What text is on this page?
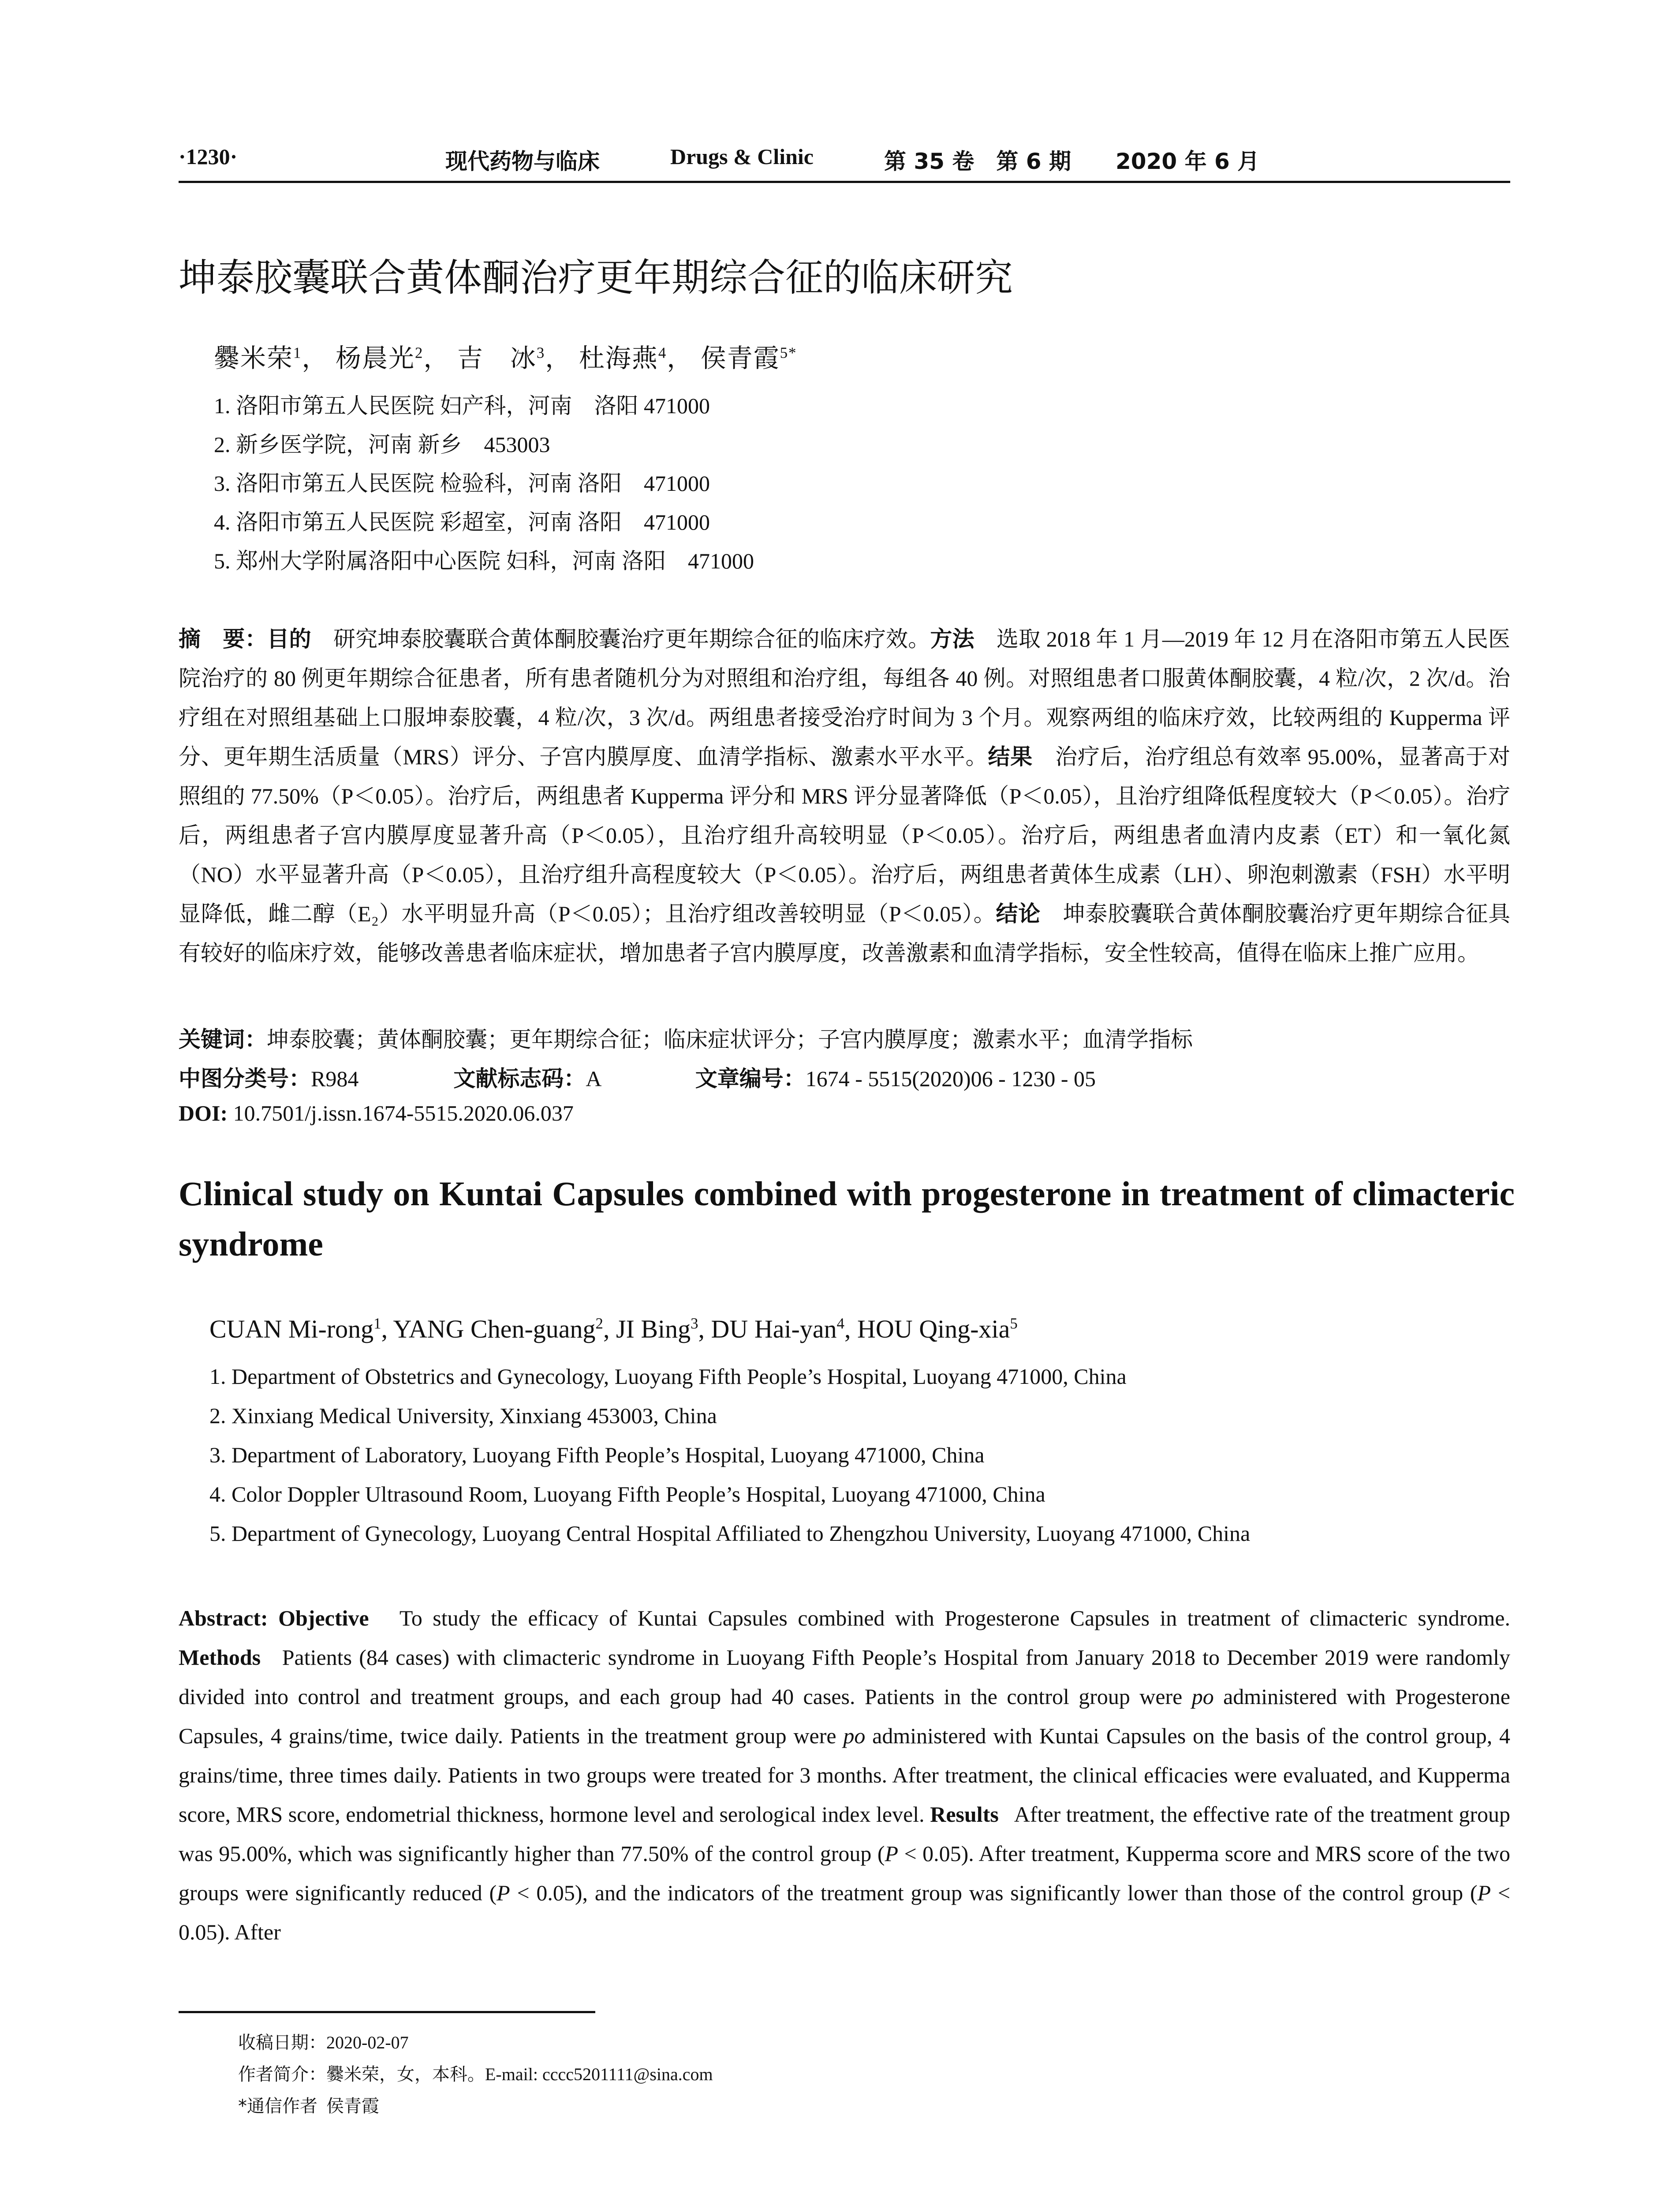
·1230·	现代药物与临床	Drugs & Clinic	第 35 卷　第 6 期 2020 年 6 月
坤泰胶囊联合黄体酮治疗更年期综合征的临床研究
爨米荣$^1$， 杨晨光$^2$， 吉　冰$^3$， 杜海燕$^4$， 侯青霞$^{5*}$
1. 洛阳市第五人民医院 妇产科，河南　洛阳 471000
2. 新乡医学院，河南 新乡　453003
3. 洛阳市第五人民医院 检验科，河南 洛阳　471000
4. 洛阳市第五人民医院 彩超室，河南 洛阳　471000
5. 郑州大学附属洛阳中心医院 妇科，河南 洛阳　471000
摘　要：目的　 研究坤泰胶囊联合黄体酮胶囊治疗更年期综合征的临床疗效。方法　 选取 2018 年 1 月—2019 年 12 月在洛阳市第五人民医院治疗的 80 例更年期综合征患者，所有患者随机分为对照组和治疗组，每组各 40 例。对照组患者口服黄体酮胶囊，4 粒/次，2 次/d。治疗组在对照组基础上口服坤泰胶囊，4 粒/次，3 次/d。两组患者接受治疗时间为 3 个月。观察两组的临床疗效，比较两组的 Kupperma 评分、更年期生活质量（MRS）评分、子宫内膜厚度、血清学指标、激素水平水平。结果　 治疗后，治疗组总有效率 95.00%，显著高于对照组的 77.50%（P＜0.05）。治疗后，两组患者 Kupperma 评分和 MRS 评分显著降低（P＜0.05），且治疗组降低程度较大（P＜0.05）。治疗后，两组患者子宫内膜厚度显著升高（P＜0.05），且治疗组升高较明显（P＜0.05）。治疗后，两组患者血清内皮素（ET）和一氧化氮（NO）水平显著升高（P＜0.05），且治疗组升高程度较大（P＜0.05）。治疗后，两组患者黄体生成素（LH）、卵泡刺激素（FSH）水平明显降低，雌二醇（E₂）水平明显升高（P＜0.05）；且治疗组改善较明显（P＜0.05）。结论　 坤泰胶囊联合黄体酮胶囊治疗更年期综合征具有较好的临床疗效，能够改善患者临床症状，增加患者子宫内膜厚度，改善激素和血清学指标，安全性较高，值得在临床上推广应用。
关键词：坤泰胶囊；黄体酮胶囊；更年期综合征；临床症状评分；子宫内膜厚度；激素水平；血清学指标
中图分类号：R984	文献标志码：A	文章编号：1674 - 5515(2020)06 - 1230 - 05
DOI: 10.7501/j.issn.1674-5515.2020.06.037
Clinical study on Kuntai Capsules combined with progesterone in treatment of climacteric syndrome
CUAN Mi-rong$^1$, YANG Chen-guang$^2$, JI Bing$^3$, DU Hai-yan$^4$, HOU Qing-xia$^5$
1. Department of Obstetrics and Gynecology, Luoyang Fifth People’s Hospital, Luoyang 471000, China
2. Xinxiang Medical University, Xinxiang 453003, China
3. Department of Laboratory, Luoyang Fifth People’s Hospital, Luoyang 471000, China
4. Color Doppler Ultrasound Room, Luoyang Fifth People’s Hospital, Luoyang 471000, China
5. Department of Gynecology, Luoyang Central Hospital Affiliated to Zhengzhou University, Luoyang 471000, China
Abstract: Objective To study the efficacy of Kuntai Capsules combined with Progesterone Capsules in treatment of climacteric syndrome. Methods Patients (84 cases) with climacteric syndrome in Luoyang Fifth People’s Hospital from January 2018 to December 2019 were randomly divided into control and treatment groups, and each group had 40 cases. Patients in the control group were po administered with Progesterone Capsules, 4 grains/time, twice daily. Patients in the treatment group were po administered with Kuntai Capsules on the basis of the control group, 4 grains/time, three times daily. Patients in two groups were treated for 3 months. After treatment, the clinical efficacies were evaluated, and Kupperma score, MRS score, endometrial thickness, hormone level and serological index level. Results After treatment, the effective rate of the treatment group was 95.00%, which was significantly higher than 77.50% of the control group (P < 0.05). After treatment, Kupperma score and MRS score of the two groups were significantly reduced (P < 0.05), and the indicators of the treatment group was significantly lower than those of the control group (P < 0.05). After
收稿日期：2020-02-07
作者简介：爨米荣，女，本科。E-mail: cccc5201111@sina.com
*通信作者 侯青霞
